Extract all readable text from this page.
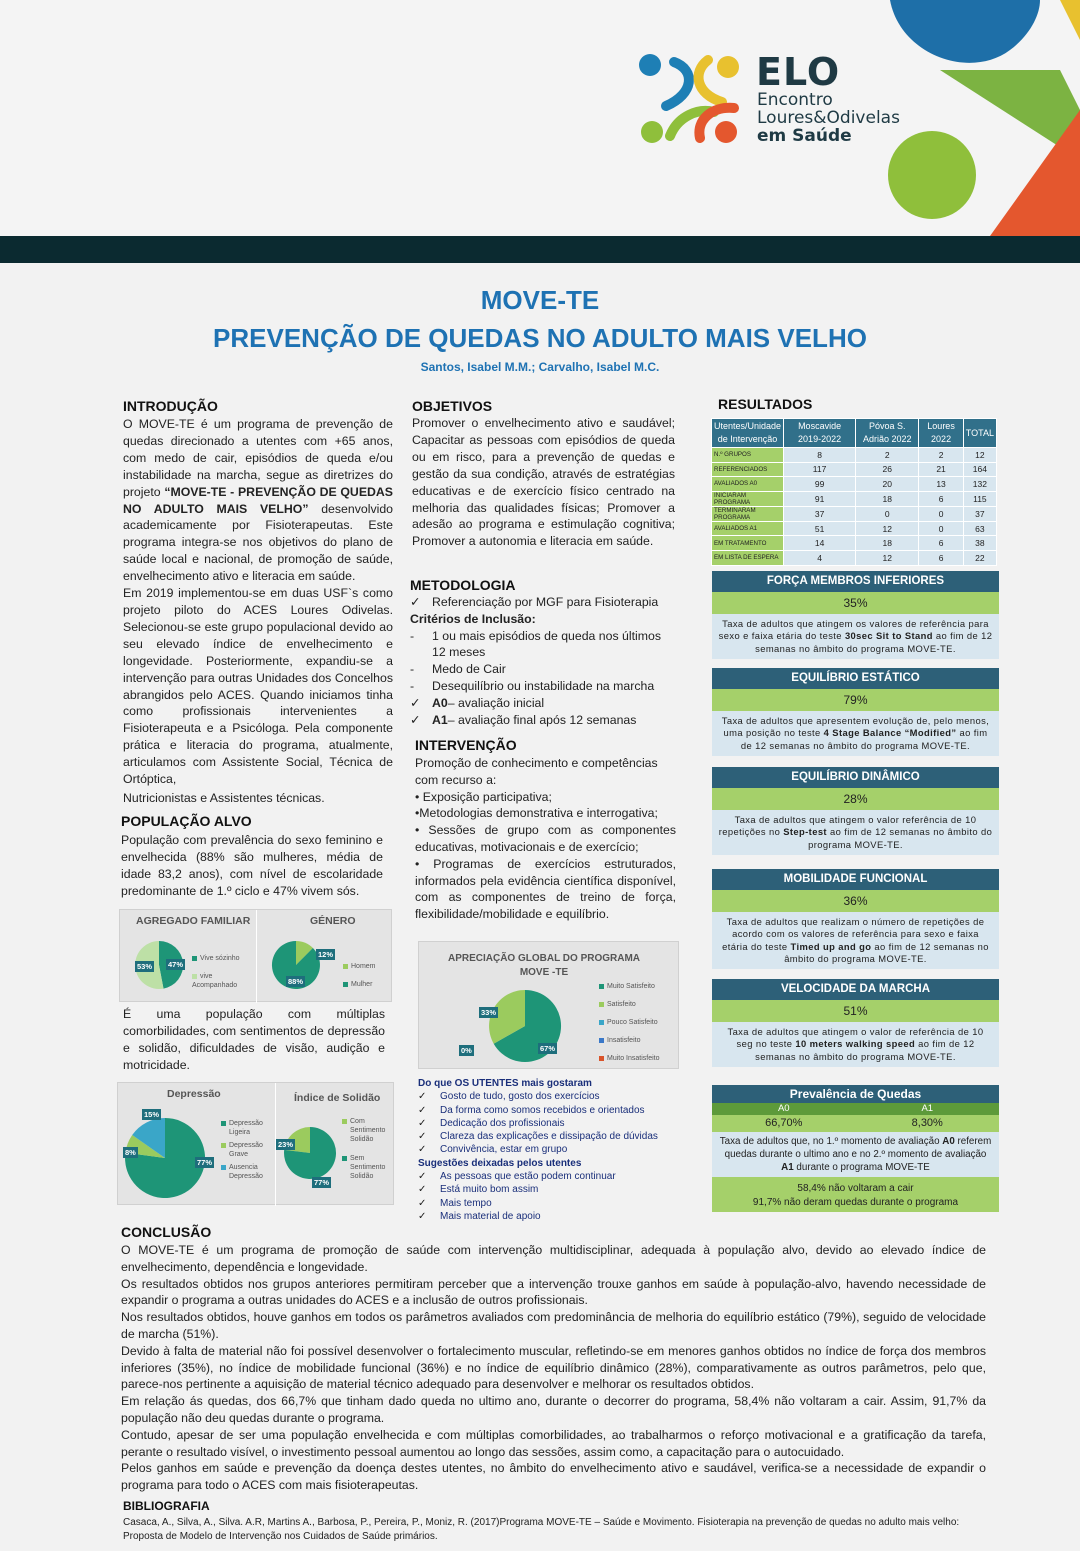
ELO
Encontro
Loures&Odivelas
em Saúde
MOVE-TE
PREVENÇÃO DE QUEDAS NO ADULTO MAIS VELHO
Santos, Isabel M.M.; Carvalho, Isabel M.C.
INTRODUÇÃO

O MOVE-TE é um programa de prevenção de quedas direcionado a utentes com +65 anos, com medo de cair, episódios de queda e/ou instabilidade na marcha, segue as diretrizes do projeto “MOVE-TE - PREVENÇÃO DE QUEDAS NO ADULTO MAIS VELHO” desenvolvido academicamente por Fisioterapeutas. Este programa integra-se nos objetivos do plano de saúde local e nacional, de promoção de saúde, envelhecimento ativo e literacia em saúde.

Em 2019 implementou-se em duas USF`s como projeto piloto do ACES Loures Odivelas. Selecionou-se este grupo populacional devido ao seu elevado índice de envelhecimento e longevidade. Posteriormente, expandiu-se a intervenção para outras Unidades dos Concelhos abrangidos pelo ACES. Quando iniciamos tinha como profissionais intervenientes a Fisioterapeuta e a Psicóloga. Pela componente prática e literacia do programa, atualmente, articulamos com Assistente Social, Técnica de Ortóptica,

Nutricionistas e Assistentes técnicas.

POPULAÇÃO ALVO
População com prevalência do sexo feminino e envelhecida (88% são mulheres, média de idade 83,2 anos), com nível de escolaridade predominante de 1.º ciclo e 47% vivem sós.
AGREGADO FAMILIAR	GÉNERO
53% 47%
Vive sózinho
vive Acompanhado
12%
88%
Homem
Mulher
É uma população com múltiplas comorbilidades, com sentimentos de depressão e solidão, dificuldades de visão, audição e motricidade.
Depressão	Índice de Solidão
15%
8%
77%
Depressão Ligeira
Depressão Grave
Ausencia Depressão
23%
77%
Com Sentimento Solidão
Sem Sentimento Solidão
OBJETIVOS
Promover o envelhecimento ativo e saudável; Capacitar as pessoas com episódios de queda ou em risco, para a prevenção de quedas e gestão da sua condição, através de estratégias educativas e de exercício físico centrado na melhoria das qualidades físicas; Promover a adesão ao programa e estimulação cognitiva; Promover a autonomia e literacia em saúde.
METODOLOGIA
✓ Referenciação por MGF para Fisioterapia
Critérios de Inclusão:
-	1 ou mais episódios de queda nos últimos
12 meses
-	Medo de Cair
-	Desequilíbrio ou instabilidade na marcha
✓ A0 – avaliação inicial
✓ A1 – avaliação final após 12 semanas
INTERVENÇÃO

Promoção de conhecimento e competências com recurso a:

• Exposição participativa;

•Metodologias demonstrativa e interrogativa;

• Sessões de grupo com as componentes educativas, motivacionais e de exercício;

• Programas de exercícios estruturados, informados pela evidência científica disponível, com as componentes de treino de força, flexibilidade/mobilidade e equilíbrio.

APRECIAÇÃO GLOBAL DO PROGRAMA MOVE -TE
33%
67%
0%
Muito Satisfeito
Satisfeito
Pouco Satisfeito
Insatisfeito
Muito Insatisfeito
Do que OS UTENTES mais gostaram
✓	Gosto de tudo, gosto dos exercícios
✓	Da forma como somos recebidos e orientados
✓	Dedicação dos profissionais
✓	Clareza das explicações e dissipação de dúvidas
✓	Convivência, estar em grupo
Sugestões deixadas pelos utentes
✓	As pessoas que estão podem continuar
✓	Está muito bom assim
✓	Mais tempo
✓	Mais material de apoio
RESULTADOS
Utentes/Unidade de Intervenção	Moscavide 2019-2022	Póvoa S. Adrião 2022	Loures 2022	TOTAL
N.º GRUPOS	8	2	2	12
REFERENCIADOS	117	26	21	164
AVALIADOS A0	99	20	13	132
INICIARAM PROGRAMA	91	18	6	115
TERMINARAM PROGRAMA	37	0	0	37
AVALIADOS A1	51	12	0	63
EM TRATAMENTO	14	18	6	38
EM LISTA DE ESPERA	4	12	6	22
FORÇA MEMBROS INFERIORES
35%
Taxa de adultos que atingem os valores de referência para sexo e faixa etária do teste 30sec Sit to Stand ao fim de 12 semanas no âmbito do programa MOVE-TE.
EQUILÍBRIO ESTÁTICO
79%
Taxa de adultos que apresentem evolução de, pelo menos, uma posição no teste 4 Stage Balance “Modified” ao fim de 12 semanas no âmbito do programa MOVE-TE.
EQUILÍBRIO DINÂMICO
28%
Taxa de adultos que atingem o valor referência de 10 repetições no Step-test ao fim de 12 semanas no âmbito do programa MOVE-TE.
MOBILIDADE FUNCIONAL
36%
Taxa de adultos que realizam o número de repetições de acordo com os valores de referência para sexo e faixa etária do teste Timed up and go ao fim de 12 semanas no âmbito do programa MOVE-TE.
VELOCIDADE DA MARCHA
51%
Taxa de adultos que atingem o valor de referência de 10 seg no teste 10 meters walking speed ao fim de 12 semanas no âmbito do programa MOVE-TE.
Prevalência de Quedas
A0	A1
66,70%	8,30%
Taxa de adultos que, no 1.º momento de avaliação A0 referem quedas durante o ultimo ano e no 2.º momento de avaliação A1 durante o programa MOVE-TE
58,4% não voltaram a cair
91,7% não deram quedas durante o programa
CONCLUSÃO

O MOVE-TE é um programa de promoção de saúde com intervenção multidisciplinar, adequada à população alvo, devido ao elevado índice de envelhecimento, dependência e longevidade.

Os resultados obtidos nos grupos anteriores permitiram perceber que a intervenção trouxe ganhos em saúde à população-alvo, havendo necessidade de expandir o programa a outras unidades do ACES e a inclusão de outros profissionais.

Nos resultados obtidos, houve ganhos em todos os parâmetros avaliados com predominância de melhoria do equilíbrio estático (79%), seguido de velocidade de marcha (51%).

Devido à falta de material não foi possível desenvolver o fortalecimento muscular, refletindo-se em menores ganhos obtidos no índice de força dos membros inferiores (35%), no índice de mobilidade funcional (36%) e no índice de equilíbrio dinâmico (28%), comparativamente as outros parâmetros, pelo que, parece-nos pertinente a aquisição de material técnico adequado para desenvolver e melhorar os resultados obtidos.

Em relação ás quedas, dos 66,7% que tinham dado queda no ultimo ano, durante o decorrer do programa, 58,4% não voltaram a cair. Assim, 91,7% da população não deu quedas durante o programa.

Contudo, apesar de ser uma população envelhecida e com múltiplas comorbilidades, ao trabalharmos o reforço motivacional e a gratificação da tarefa, perante o resultado visível, o investimento pessoal aumentou ao longo das sessões, assim como, a capacitação para o autocuidado.

Pelos ganhos em saúde e prevenção da doença destes utentes, no âmbito do envelhecimento ativo e saudável, verifica-se a necessidade de expandir o programa para todo o ACES com mais fisioterapeutas.

BIBLIOGRAFIA
Casaca, A., Silva, A., Silva. A.R, Martins A., Barbosa, P., Pereira, P., Moniz, R. (2017)Programa MOVE-TE – Saúde e Movimento. Fisioterapia na prevenção de quedas no adulto mais velho: Proposta de Modelo de Intervenção nos Cuidados de Saúde primários.
